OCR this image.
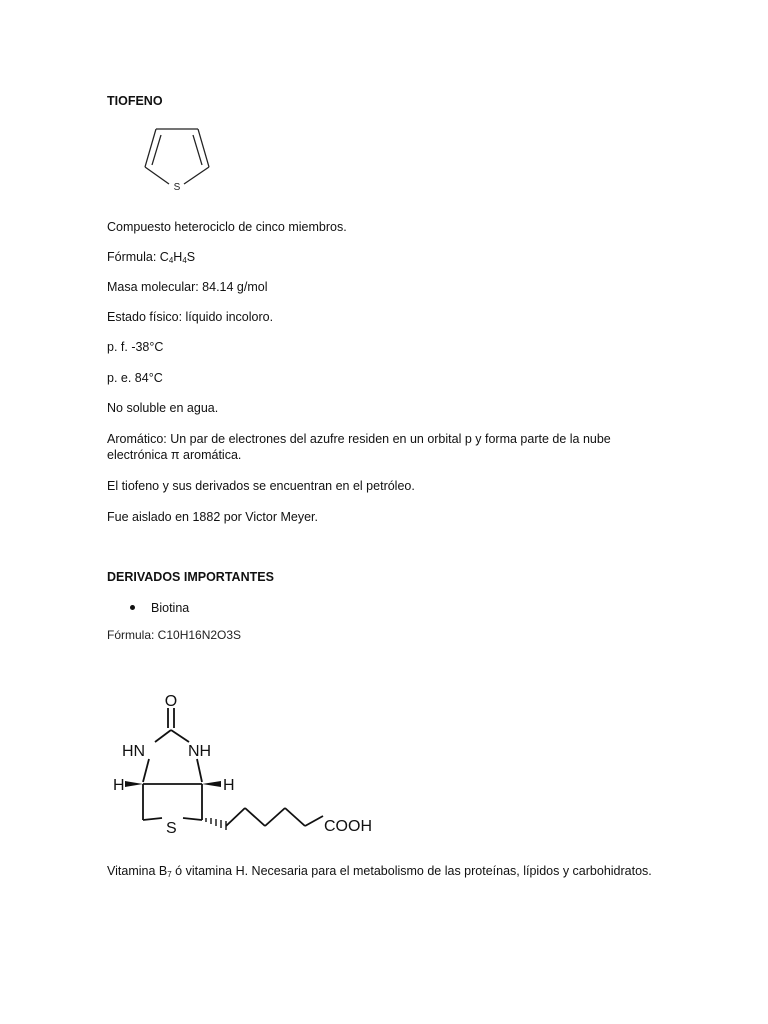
TIOFENO
S
Compuesto heterociclo de cinco miembros.
Fórmula: $C_4H_4S$
Masa molecular: 84.14 g/mol
Estado físico: líquido incoloro.
p. f. -38°C
p. e. 84°C
No soluble en agua.
Aromático: Un par de electrones del azufre residen en un orbital p y forma parte de la nube
electrónica π aromática.
El tiofeno y sus derivados se encuentran en el petróleo.
Fue aislado en 1882 por Victor Meyer.
DERIVADOS IMPORTANTES
Biotina
Fórmula: C10H16N2O3S
O
HN	NH
H	H
S	COOH
Vitamina $B_7$ ó vitamina H. Necesaria para el metabolismo de las proteínas, lípidos y carbohidratos.
